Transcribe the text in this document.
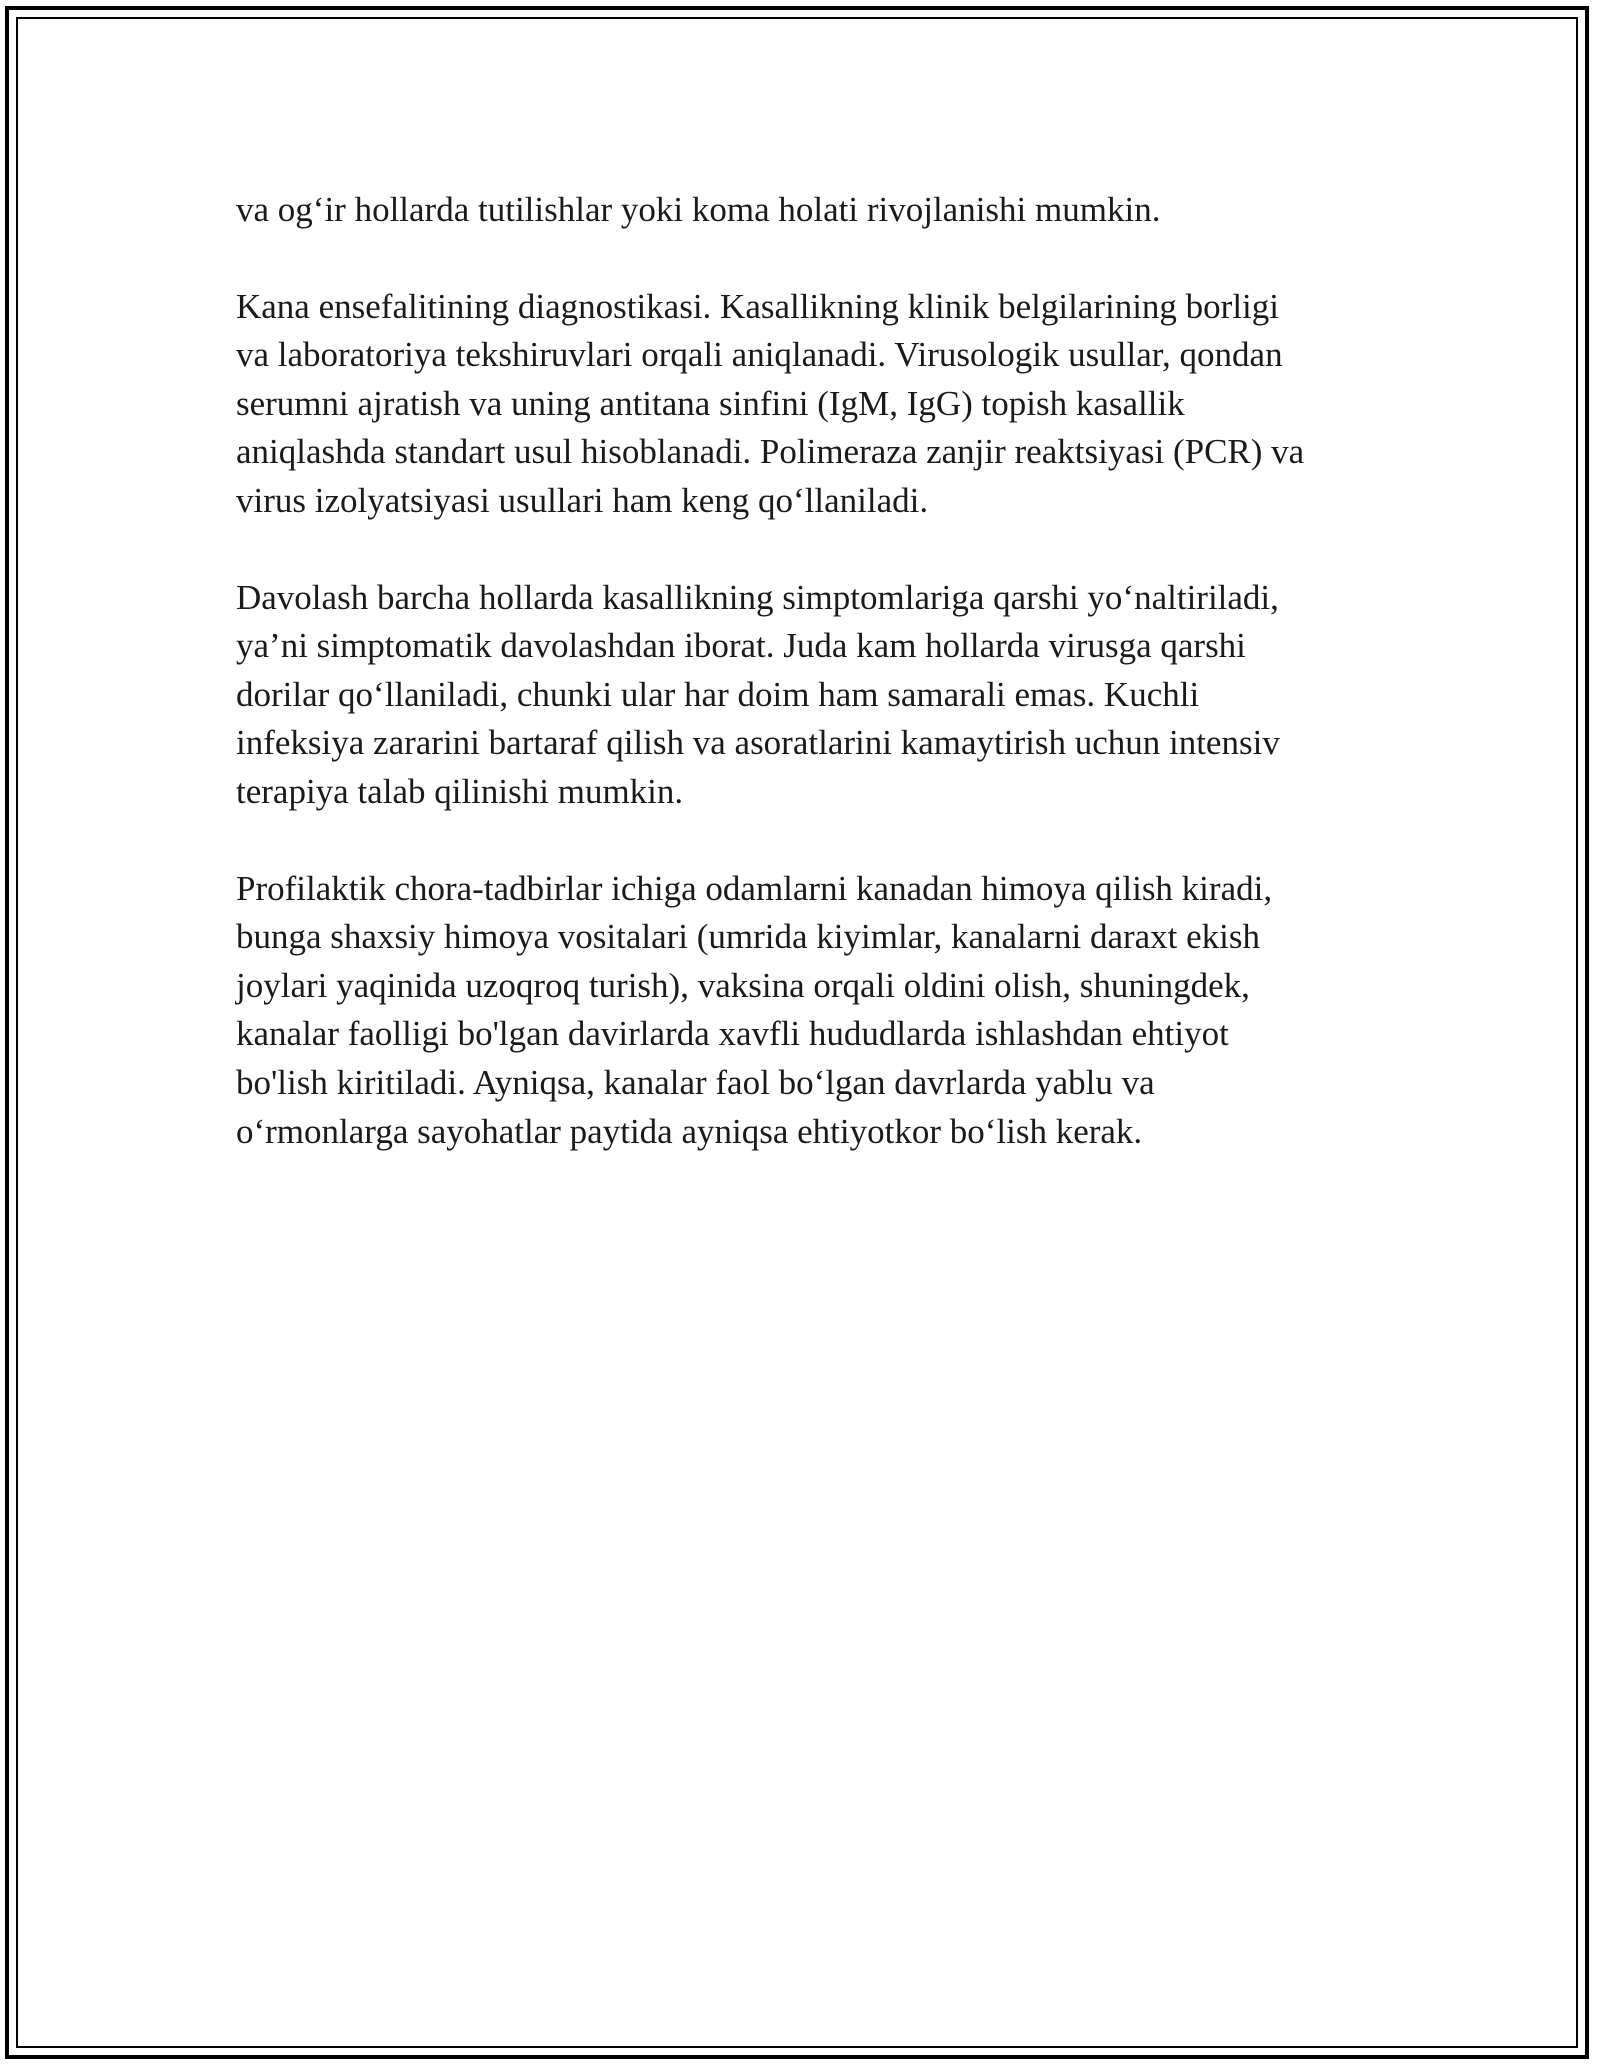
va og‘ir hollarda tutilishlar yoki koma holati rivojlanishi mumkin.

Kana ensefalitining diagnostikasi. Kasallikning klinik belgilarining borligi
va laboratoriya tekshiruvlari orqali aniqlanadi. Virusologik usullar, qondan
serumni ajratish va uning antitana sinfini (IgM, IgG) topish kasallik
aniqlashda standart usul hisoblanadi. Polimeraza zanjir reaktsiyasi (PCR) va
virus izolyatsiyasi usullari ham keng qo‘llaniladi.

Davolash barcha hollarda kasallikning simptomlariga qarshi yo‘naltiriladi,
ya’ni simptomatik davolashdan iborat. Juda kam hollarda virusga qarshi
dorilar qo‘llaniladi, chunki ular har doim ham samarali emas. Kuchli
infeksiya zararini bartaraf qilish va asoratlarini kamaytirish uchun intensiv
terapiya talab qilinishi mumkin.

Profilaktik chora-tadbirlar ichiga odamlarni kanadan himoya qilish kiradi,
bunga shaxsiy himoya vositalari (umrida kiyimlar, kanalarni daraxt ekish
joylari yaqinida uzoqroq turish), vaksina orqali oldini olish, shuningdek,
kanalar faolligi bo'lgan davirlarda xavfli hududlarda ishlashdan ehtiyot
bo'lish kiritiladi. Ayniqsa, kanalar faol bo‘lgan davrlarda yablu va
o‘rmonlarga sayohatlar paytida ayniqsa ehtiyotkor bo‘lish kerak.
